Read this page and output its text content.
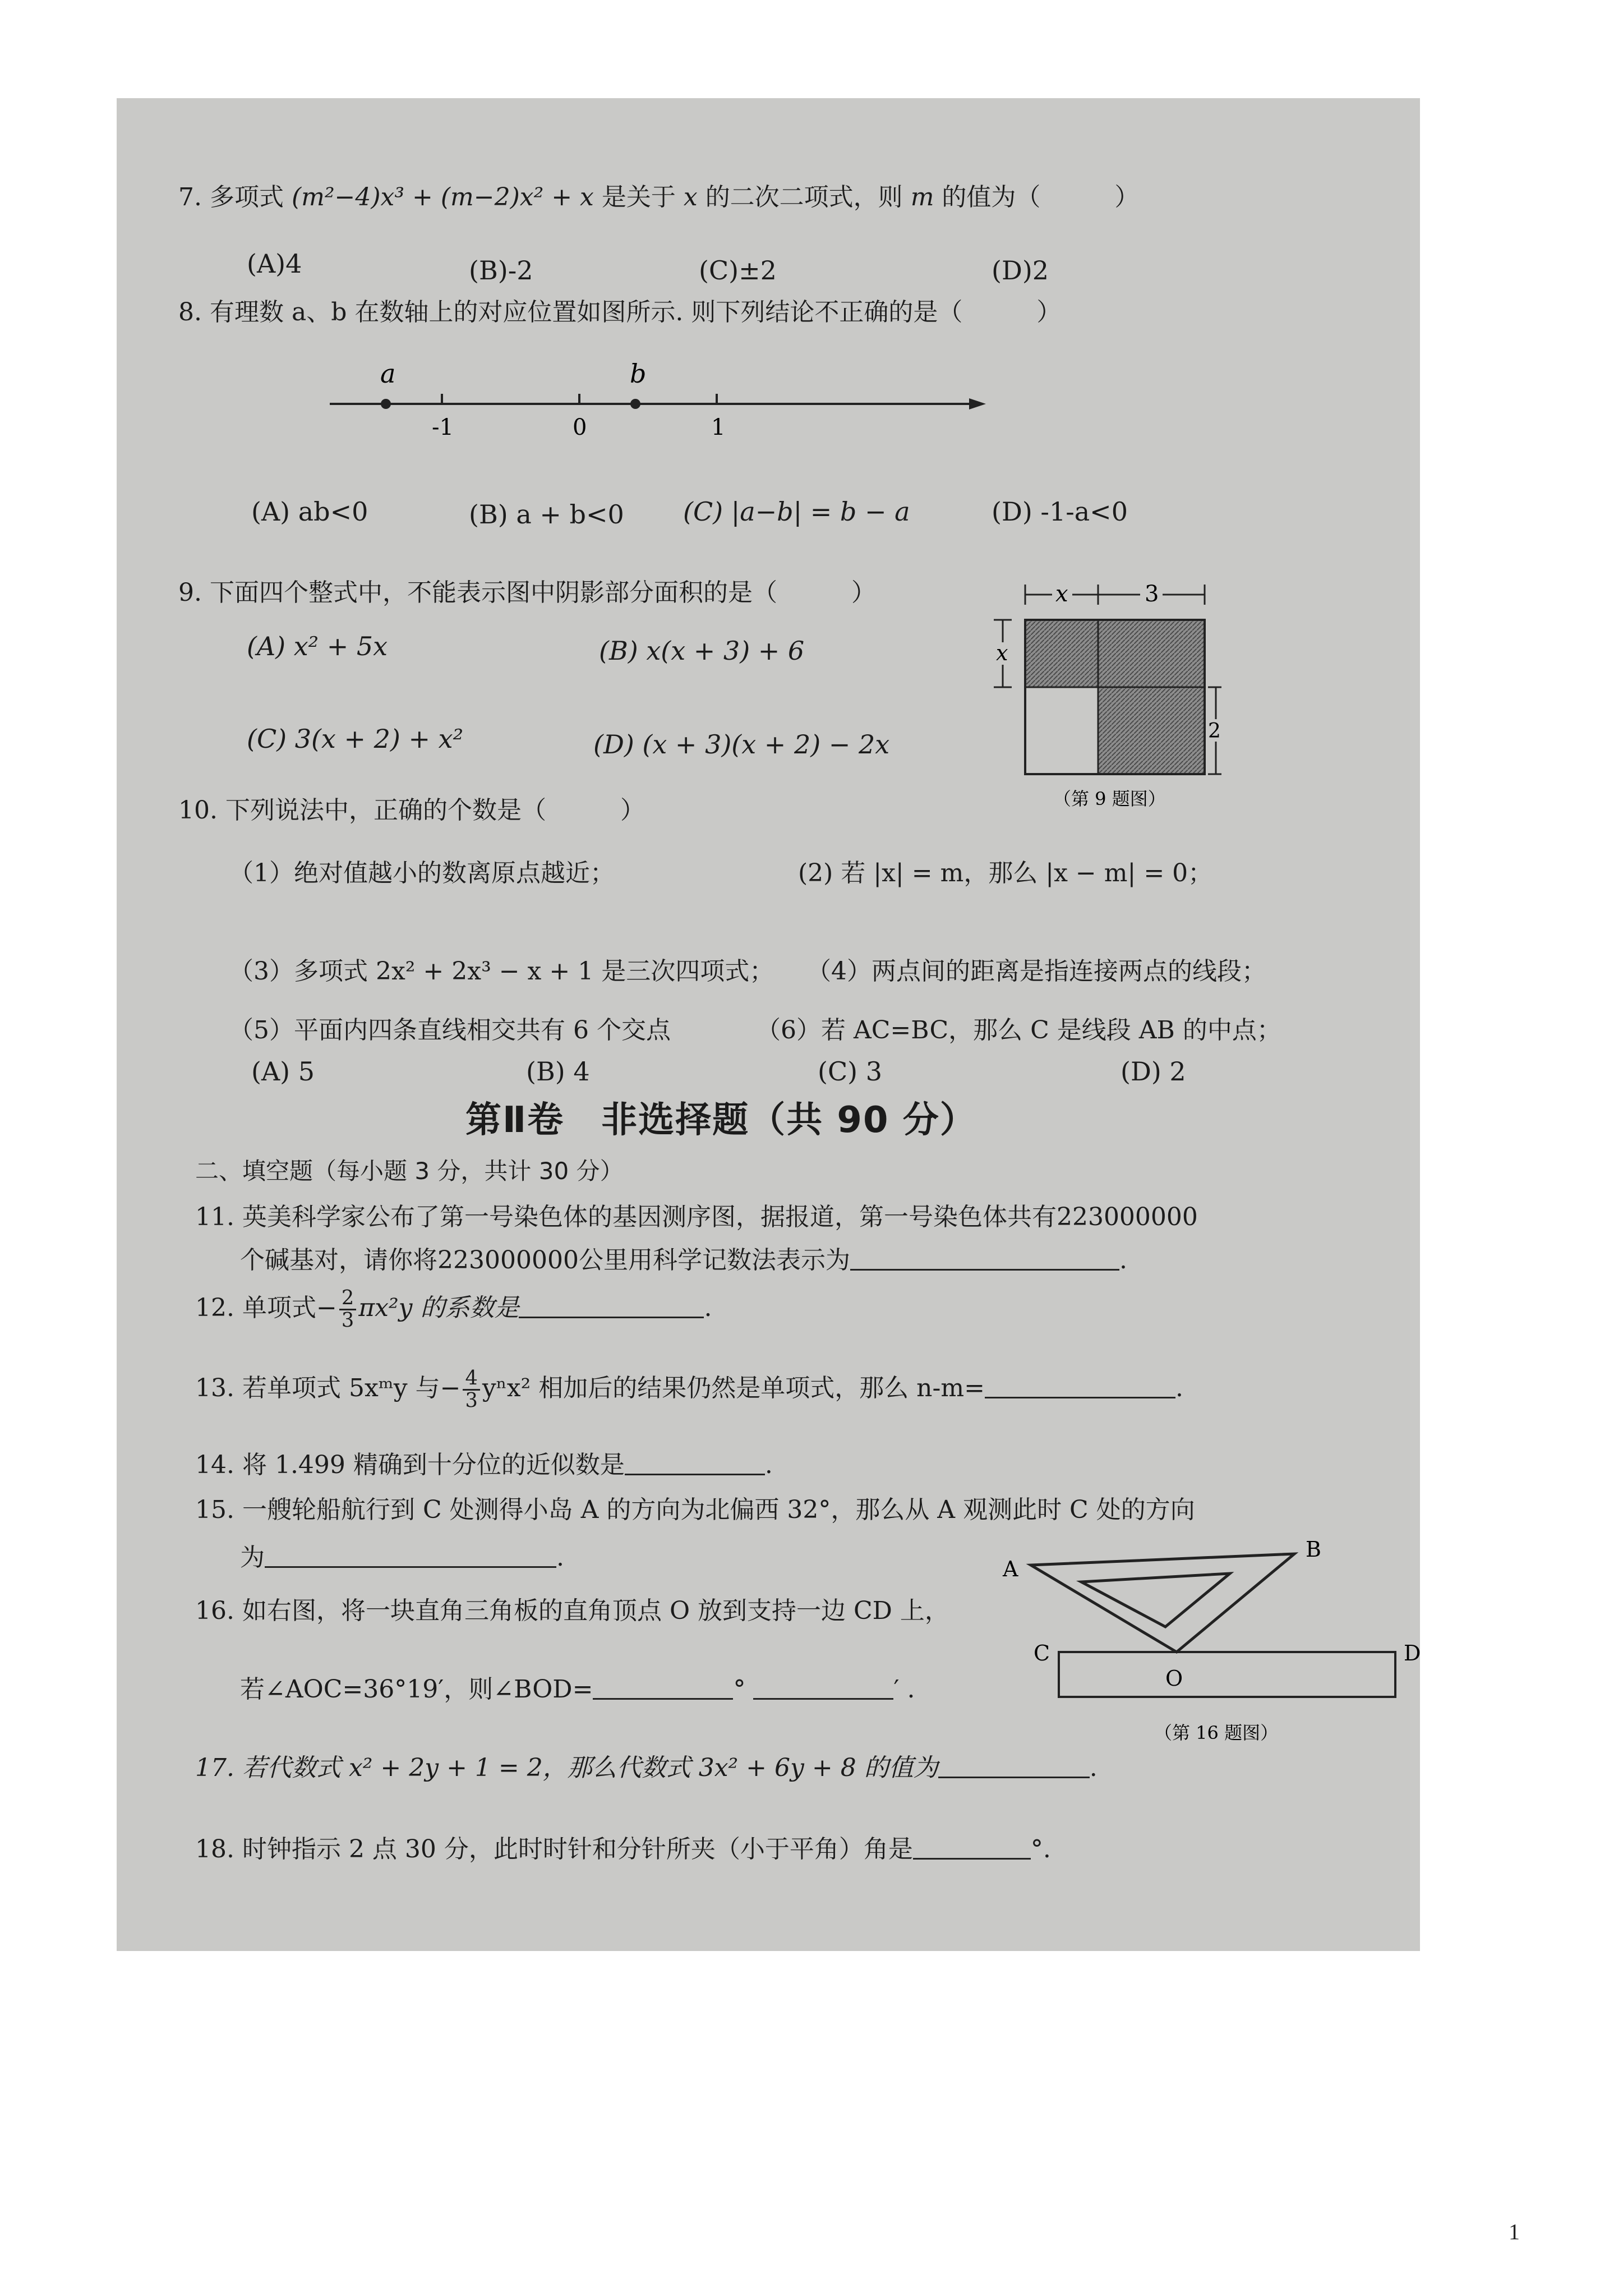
7. 多项式 (m²−4)x³ + (m−2)x² + x 是关于 x 的二次二项式，则 m 的值为（　　　）
(A)4	(B)-2	(C)±2	(D)2
8. 有理数 a、b 在数轴上的对应位置如图所示. 则下列结论不正确的是（　　　）
a	b
-1	0	1
(A) ab<0	(B) a + b<0 (C) |a−b| = b − a	(D) -1-a<0
9. 下面四个整式中，不能表示图中阴影部分面积的是（　　　）
(A) x² + 5x	(B) x(x + 3) + 6
(C) 3(x + 2) + x²	(D) (x + 3)(x + 2) − 2x
x	3
x
2
（第 9 题图）
10. 下列说法中，正确的个数是（　　　）
（1）绝对值越小的数离原点越近；	(2) 若 |x| = m，那么 |x − m| = 0；
（3）多项式 2x² + 2x³ − x + 1 是三次四项式； （4）两点间的距离是指连接两点的线段；
（5）平面内四条直线相交共有 6 个交点	（6）若 AC=BC，那么 C 是线段 AB 的中点；
(A) 5	(B) 4	(C) 3	(D) 2
第Ⅱ卷　非选择题（共 90 分）
二、填空题（每小题 3 分，共计 30 分）
11. 英美科学家公布了第一号染色体的基因测序图，据报道，第一号染色体共有223000000
个碱基对，请你将223000000公里用科学记数法表示为	.
12. 单项式− $\frac{2}{3} \pi x^2y$ 的系数是	.
13. 若单项式 5xᵐy 与− $\frac{4}{3} y^nx^2$ 相加后的结果仍然是单项式，那么 n-m=	.
14. 将 1.499 精确到十分位的近似数是	.
15. 一艘轮船航行到 C 处测得小岛 A 的方向为北偏西 32°，那么从 A 观测此时 C 处的方向
为	.
16. 如右图，将一块直角三角板的直角顶点 O 放到支持一边 CD 上，
若∠AOC=36°19′，则∠BOD=	°	′ .
A
B
C	D
O
（第 16 题图）
17. 若代数式 x² + 2y + 1 = 2，那么代数式 3x² + 6y + 8 的值为	.
18. 时钟指示 2 点 30 分，此时时针和分针所夹（小于平角）角是	°.
1
